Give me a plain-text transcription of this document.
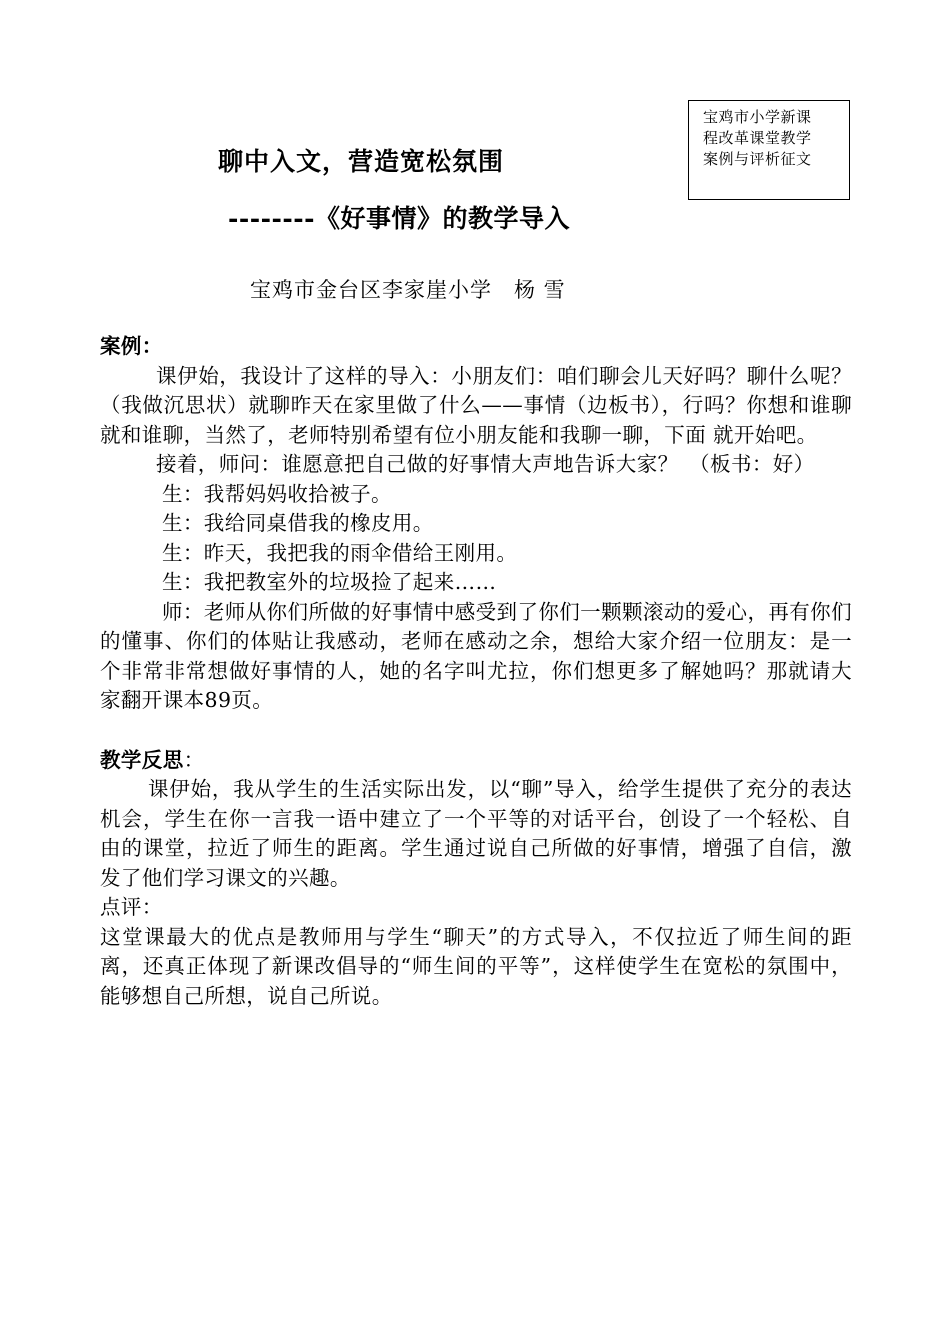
宝鸡市小学新课
程改革课堂教学
案例与评析征文
聊中入文，营造宽松氛围
--------《好事情》的教学导入
宝鸡市金台区李家崖小学　杨 雪

案例：

课伊始，我设计了这样的导入：小朋友们：咱们聊会儿天好吗？聊什么呢？（我做沉思状）就聊昨天在家里做了什么——事情（边板书），行吗？你想和谁聊就和谁聊，当然了，老师特别希望有位小朋友能和我聊一聊，下面 就开始吧。

接着，师问：谁愿意把自己做的好事情大声地告诉大家？　（板书：好）

生：我帮妈妈收拾被子。

生：我给同桌借我的橡皮用。

生：昨天，我把我的雨伞借给王刚用。

生：我把教室外的垃圾捡了起来……

师：老师从你们所做的好事情中感受到了你们一颗颗滚动的爱心，再有你们的懂事、你们的体贴让我感动，老师在感动之余，想给大家介绍一位朋友：是一个非常非常想做好事情的人，她的名字叫尤拉，你们想更多了解她吗？那就请大家翻开课本89页。

教学反思：

课伊始，我从学生的生活实际出发，以“聊”导入，给学生提供了充分的表达机会，学生在你一言我一语中建立了一个平等的对话平台，创设了一个轻松、自由的课堂，拉近了师生的距离。学生通过说自己所做的好事情，增强了自信，激发了他们学习课文的兴趣。

点评：

这堂课最大的优点是教师用与学生“聊天”的方式导入，不仅拉近了师生间的距离，还真正体现了新课改倡导的“师生间的平等”，这样使学生在宽松的氛围中，能够想自己所想，说自己所说。
